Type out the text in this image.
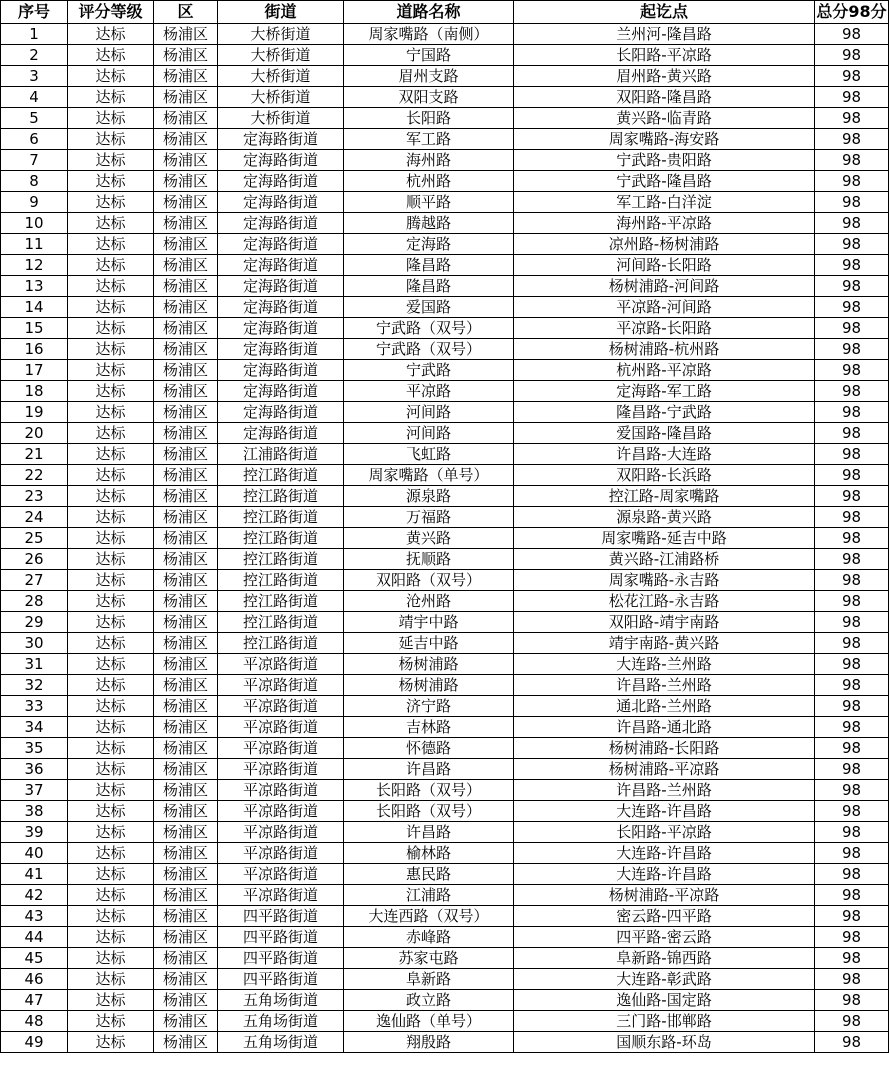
序号	评分等级	区	街道	道路名称	起讫点	总分98分
1	达标	杨浦区	大桥街道	周家嘴路（南侧）	兰州河-隆昌路	98
2	达标	杨浦区	大桥街道	宁国路	长阳路-平凉路	98
3	达标	杨浦区	大桥街道	眉州支路	眉州路-黄兴路	98
4	达标	杨浦区	大桥街道	双阳支路	双阳路-隆昌路	98
5	达标	杨浦区	大桥街道	长阳路	黄兴路-临青路	98
6	达标	杨浦区	定海路街道	军工路	周家嘴路-海安路	98
7	达标	杨浦区	定海路街道	海州路	宁武路-贵阳路	98
8	达标	杨浦区	定海路街道	杭州路	宁武路-隆昌路	98
9	达标	杨浦区	定海路街道	顺平路	军工路-白洋淀	98
10	达标	杨浦区	定海路街道	腾越路	海州路-平凉路	98
11	达标	杨浦区	定海路街道	定海路	凉州路-杨树浦路	98
12	达标	杨浦区	定海路街道	隆昌路	河间路-长阳路	98
13	达标	杨浦区	定海路街道	隆昌路	杨树浦路-河间路	98
14	达标	杨浦区	定海路街道	爱国路	平凉路-河间路	98
15	达标	杨浦区	定海路街道	宁武路（双号）	平凉路-长阳路	98
16	达标	杨浦区	定海路街道	宁武路（双号）	杨树浦路-杭州路	98
17	达标	杨浦区	定海路街道	宁武路	杭州路-平凉路	98
18	达标	杨浦区	定海路街道	平凉路	定海路-军工路	98
19	达标	杨浦区	定海路街道	河间路	隆昌路-宁武路	98
20	达标	杨浦区	定海路街道	河间路	爱国路-隆昌路	98
21	达标	杨浦区	江浦路街道	飞虹路	许昌路-大连路	98
22	达标	杨浦区	控江路街道	周家嘴路（单号）	双阳路-长浜路	98
23	达标	杨浦区	控江路街道	源泉路	控江路-周家嘴路	98
24	达标	杨浦区	控江路街道	万福路	源泉路-黄兴路	98
25	达标	杨浦区	控江路街道	黄兴路	周家嘴路-延吉中路	98
26	达标	杨浦区	控江路街道	抚顺路	黄兴路-江浦路桥	98
27	达标	杨浦区	控江路街道	双阳路（双号）	周家嘴路-永吉路	98
28	达标	杨浦区	控江路街道	沧州路	松花江路-永吉路	98
29	达标	杨浦区	控江路街道	靖宇中路	双阳路-靖宇南路	98
30	达标	杨浦区	控江路街道	延吉中路	靖宇南路-黄兴路	98
31	达标	杨浦区	平凉路街道	杨树浦路	大连路-兰州路	98
32	达标	杨浦区	平凉路街道	杨树浦路	许昌路-兰州路	98
33	达标	杨浦区	平凉路街道	济宁路	通北路-兰州路	98
34	达标	杨浦区	平凉路街道	吉林路	许昌路-通北路	98
35	达标	杨浦区	平凉路街道	怀德路	杨树浦路-长阳路	98
36	达标	杨浦区	平凉路街道	许昌路	杨树浦路-平凉路	98
37	达标	杨浦区	平凉路街道	长阳路（双号）	许昌路-兰州路	98
38	达标	杨浦区	平凉路街道	长阳路（双号）	大连路-许昌路	98
39	达标	杨浦区	平凉路街道	许昌路	长阳路-平凉路	98
40	达标	杨浦区	平凉路街道	榆林路	大连路-许昌路	98
41	达标	杨浦区	平凉路街道	惠民路	大连路-许昌路	98
42	达标	杨浦区	平凉路街道	江浦路	杨树浦路-平凉路	98
43	达标	杨浦区	四平路街道	大连西路（双号）	密云路-四平路	98
44	达标	杨浦区	四平路街道	赤峰路	四平路-密云路	98
45	达标	杨浦区	四平路街道	苏家屯路	阜新路-锦西路	98
46	达标	杨浦区	四平路街道	阜新路	大连路-彰武路	98
47	达标	杨浦区	五角场街道	政立路	逸仙路-国定路	98
48	达标	杨浦区	五角场街道	逸仙路（单号）	三门路-邯郸路	98
49	达标	杨浦区	五角场街道	翔殷路	国顺东路-环岛	98
